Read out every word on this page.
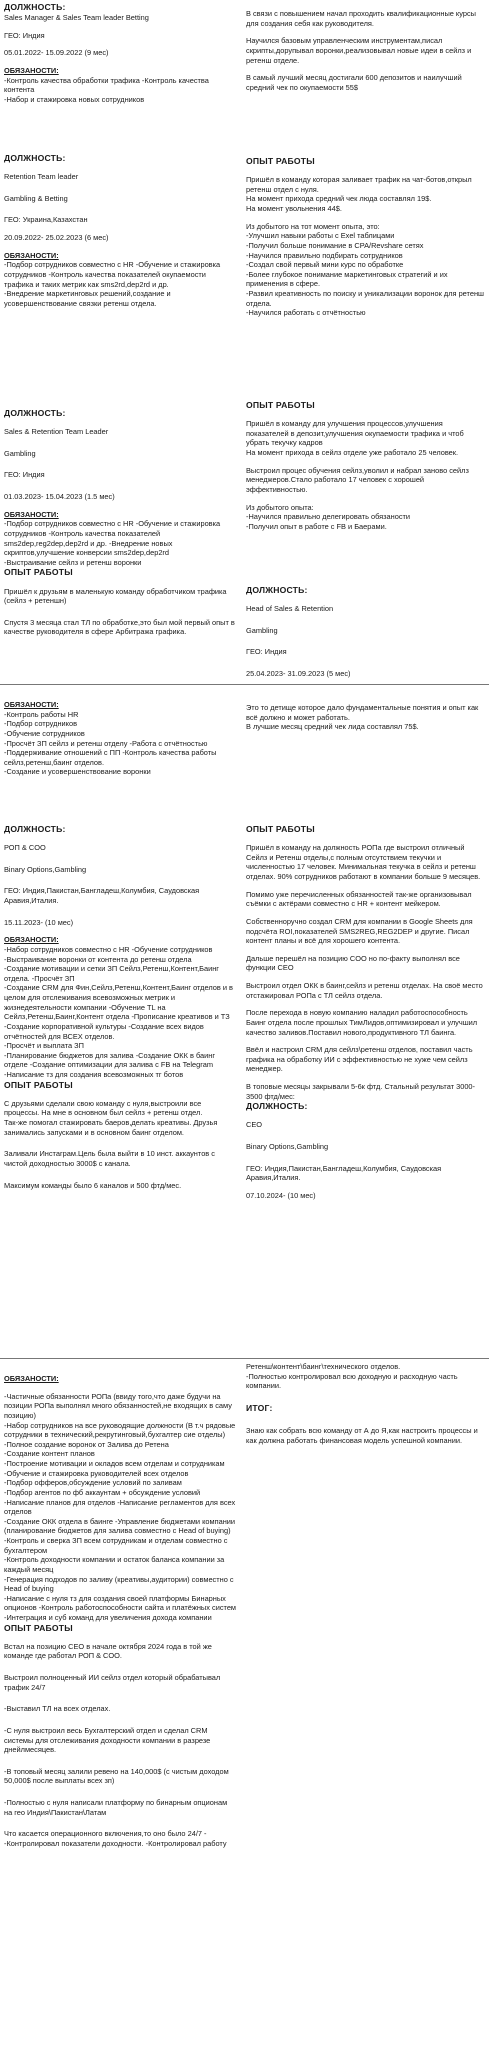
ДОЛЖНОСТЬ:
Sales Manager & Sales Team leader Betting
ГЕО: Индия
05.01.2022- 15.09.2022 (9 мес)
ОБЯЗАНОСТИ:
-Контроль качества обработки трафика -Контроль качества контента
-Набор и стажировка новых сотрудников
В связи с повышением начал проходить квалификационные курсы для создания себя как руководителя.
Научился базовым управленческим инструментам,писал скрипты,дорупывал воронки,реализовывал новые идеи в сейлз и ретенш отделе.
В самый лучший месяц достигали 600 депозитов и наилучший средний чек по окупаемости 55$
ДОЛЖНОСТЬ:
Retention Team leader
Gambling & Betting
ГЕО: Украина,Казахстан
20.09.2022- 25.02.2023 (6 мес)
ОБЯЗАНОСТИ:
-Подбор сотрудников совместно с HR -Обучение и стажировка сотрудников -Контроль качества показателей окупаемости трафика и таких метрик как sms2rd,dep2rd и др.
-Внедрение маркетинговых решений,создание и усовершенствование связки ретенш отдела.
ОПЫТ РАБОТЫ
Пришёл в команду которая заливает трафик на чат-ботов,открыл ретенш отдел с нуля.
На момент прихода средний чек люда составлял 19$.
На момент увольнения 44$.
Из добытого на тот момент опыта, это:
-Улучшил навыки работы с Exel таблицами
-Получил больше понимание в CPA/Revshare сетях
-Научился правильно подбирать сотрудников
-Создал свой первый мини курс по обработке
-Более глубокое понимание маркетинговых стратегий и их применения в сфере.
-Развил креативность по поиску и уникализации воронок для ретенш отдела.
-Научился работать с отчётностью
ДОЛЖНОСТЬ:
Sales & Retention Team Leader
Gambling
ГЕО: Индия
01.03.2023- 15.04.2023 (1.5 мес)
ОБЯЗАНОСТИ:
-Подбор сотрудников совместно с HR -Обучение и стажировка сотрудников -Контроль качества показателей sms2dep,reg2dep,dep2rd и др. -Внедрение новых скриптов,улучшение конверсии sms2dep,dep2rd
-Выстраивание сейлз и ретенш воронки
ОПЫТ РАБОТЫ
Пришёл к друзьям в маленькую команду обработчиком трафика (сейлз + ретеншн)
Спустя 3 месяца стал ТЛ по обработке,это был мой первый опыт в качестве руководителя в сфере Арбитража графика.
ОПЫТ РАБОТЫ
Пришёл в команду для улучшения процессов,улучшения показателей в депозит,улучшения окупаемости трафика и чтоб убрать текучку кадров
На момент прихода в сейлз отделе уже работало 25 человек.
Выстроил процес обучения сейлз,уволил и набрал заново сейлз менеджеров.Стало работало 17 человек с хорошей эффективностью.
Из добытого опыта:
-Научился правильно делегировать обязаности
-Получил опыт в работе с FB и Баерами.
ДОЛЖНОСТЬ:
Head of Sales & Retention
Gambling
ГЕО: Индия
25.04.2023- 31.09.2023 (5 мес)
ОБЯЗАНОСТИ:
-Контроль работы HR
-Подбор сотрудников
-Обучение сотрудников
-Просчёт ЗП сейлз и ретенш отделу -Работа с отчётностью
-Поддерживание отношений с ПП -Контроль качества работы сейлз,ретенш,баинг отделов.
-Создание и усовершенствование воронки
Это то детище которое дало фундаментальные понятия и опыт как всё должно и может работать.
В лучшие месяц средний чек лида составлял 75$.
ДОЛЖНОСТЬ:
РОП & COO
Binary Options,Gambling
ГЕО: Индия,Пакистан,Бангладеш,Колумбия, Саудовская Аравия,Италия.
15.11.2023- (10 мес)
ОБЯЗАНОСТИ:
-Набор сотрудников совместно с HR -Обучение сотрудников
-Выстраивание воронки от контента до ретенш отдела
-Создание мотивации и сетки ЗП Сейлз,Ретенш,Контент,Баинг отдела. -Просчёт ЗП
-Создание CRM для Фин,Сейлз,Ретенш,Контент,Баинг отделов и в целом для отслеживания всевозможных метрик и жизнедеятельности компании -Обучение TL на Сейлз,Ретенш,Баинг,Контент отдела -Прописание креативов и ТЗ
-Создание корпоративной культуры -Создание всех видов отчётностей для ВСЕХ отделов.
-Просчёт и выплата ЗП
-Планирование бюджетов для залива -Создание ОКК в баинг отделе -Создание оптимизации для залива с FB на Telegram
-Написание тз для создания всевозможных тг ботов
ОПЫТ РАБОТЫ
С друзьями сделали свою команду с нуля,выстроили все процессы. На мне в основном был сейлз + ретенш отдел.
Так-же помогал стажировать баеров,делать креативы. Друзья занимались запусками и в основном баинг отделом.
Заливали Инстаграм.Цель была выйти в 10 инст. аккаунтов с чистой доходностью 3000$ с канала.
Максимум команды было 6 каналов и 500 фтд/мес.
ОПЫТ РАБОТЫ
Пришёл в команду на должность РОПа где выстроил отличный Сейлз и Ретенш отделы,с полным отсутствием текучки и численностью 17 человек. Минимальная текучка в сейлз и ретенш отделах. 90% сотрудников работают в компании больше 9 месяцев.
Помимо уже перечисленных обязанностей так-же организовывал съёмки с актёрами совместно с HR + контент мейкером.
Собственноручно создал CRM для компании в Google Sheets для подсчёта ROI,показателей SMS2REG,REG2DEP и другие. Писал контент планы и всё для хорошего контента.
Дальше перешёл на позицию COO но по-факту выполнял все функции CEO
Выстроил отдел ОКК в баинг,сейлз и ретенш отделах. На своё место отстажировал РОПа с ТЛ сейлз отдела.
После перехода в новую компанию наладил работоспособность Баинг отдела после прошлых ТимЛидов,оптимизировал и улучшил качество заливов.Поставил нового,продуктивного ТЛ баинга.
Ввёл и настроил CRM для сейлз\ретенш отделов, поставил часть графика на обработку ИИ с эффективностью не хуже чем сейлз менеджер.
В топовые месяцы закрывали 5-6к фтд. Стальный результат 3000-3500 фтд/мес:
ДОЛЖНОСТЬ:
CEO
Binary Options,Gambling
ГЕО: Индия,Пакистан,Бангладеш,Колумбия, Саудовская Аравия,Италия.
07.10.2024- (10 мес)
ОБЯЗАНОСТИ:
-Частичные обязанности РОПа (ввиду того,что даже будучи на позиции РОПа выполнял много обязанностей,не входящих в саму позицию)
-Набор сотрудников на все руководящие должности (В т.ч рядовые сотрудники в технический,рекрутинговый,бухгалтер сие отделы)
-Полное создание воронок от Залива до Ретена
-Создание контент планов
-Построение мотивации и окладов всем отделам и сотрудникам
-Обучение и стажировка руководителей всех отделов
-Подбор офферов,обсуждение условий по заливам
-Подбор агентов по фб аккаунтам + обсуждение условий
-Написание планов для отделов -Написание регламентов для всех отделов
-Создание ОКК отдела в баинге -Управление бюджетами компании (планирование бюджетов для залива совместно с Head of buying)
-Контроль и сверка ЗП всем сотрудникам и отделам совместно с бухгалтером
-Контроль доходности компании и остаток баланса компании за каждый месяц
-Генерация подходов по заливу (креативы,аудитории) совместно с Head of buying
-Написание с нуля тз для создания своей платформы Бинарных опционов -Контроль работоспособности сайта и платёжных систем
-Интеграция и суб команд для увеличения дохода компании
ОПЫТ РАБОТЫ
Встал на позицию CEO в начале октября 2024 года в той же команде где работал РОП & COO.
Выстроил полноценный ИИ сейлз отдел который обрабатывал трафик 24/7
-Выставил ТЛ на всех отделах.
-С нуля выстроил весь Бухгалтерский отдел и сделал CRM системы для отслеживания доходности компании в разрезе днейлмесяцев.
-В топовый месяц залили ревено на 140,000$ (с чистым доходом 50,000$ после выплаты всех зп)
-Полностью с нуля написали платформу по бинарным опционам на гео Индия\Пакистан\Латам
Что касается операционного включения,то оно было 24/7 - -Контролировал показатели доходности. -Контролировал работу
Ретенш\контент\баинг\технического отделов.
-Полностью контролировал всю доходную и расходную часть компании.
ИТОГ:
Знаю как собрать всю команду от А до Я,как настроить процессы и как должна работать финансовая модель успешной компании.
